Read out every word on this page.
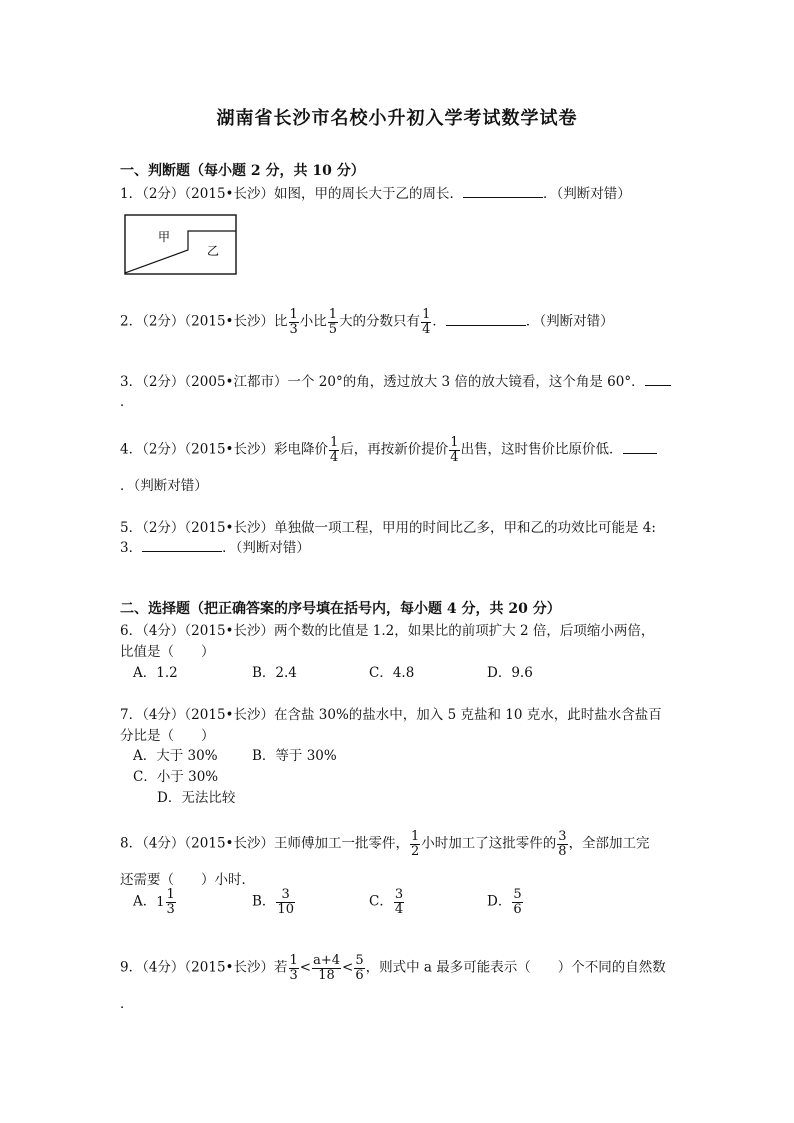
湖南省长沙市名校小升初入学考试数学试卷
一、判断题（每小题 2 分，共 10 分）
1．（2分）（2015•长沙）如图，甲的周长大于乙的周长．	．（判断对错）
甲
乙
2．（2分）（2015•长沙）比 $\frac{1}{3}$ 小比 $\frac{1}{5}$ 大的分数只有 $\frac{1}{4}$ ．	．（判断对错）
3．（2分）（2005•江都市）一个 20°的角，透过放大 3 倍的放大镜看，这个角是 60°．
．
4．（2分）（2015•长沙）彩电降价 $\frac{1}{4}$ 后，再按新价提价 $\frac{1}{4}$ 出售，这时售价比原价低．
．（判断对错）
5．（2分）（2015•长沙）单独做一项工程，甲用的时间比乙多，甲和乙的功效比可能是 4:
3．	．（判断对错）
二、选择题（把正确答案的序号填在括号内，每小题 4 分，共 20 分）
6．（4分）（2015•长沙）两个数的比值是 1.2，如果比的前项扩大 2 倍，后项缩小两倍，
比值是（　　）
A．1.2	B．2.4	C．4.8	D．9.6
7．（4分）（2015•长沙）在含盐 30%的盐水中，加入 5 克盐和 10 克水，此时盐水含盐百
分比是（　　）
A．大于 30%	B．等于 30%
C．小于 30%
D．无法比较
8．（4分）（2015•长沙）王师傅加工一批零件， $\frac{1}{2}$ 小时加工了这批零件的 $\frac{3}{8}$ ，全部加工完
还需要（　　）小时．
A．$1 \frac{1}{3}$	B． $\frac{3}{10}$	C． $\frac{3}{4}$	D． $\frac{5}{6}$
9．（4分）（2015•长沙）若 $\frac{1}{3} < \frac{a+4}{18} < \frac{5}{6}$ ，则式中 a 最多可能表示（　　）个不同的自然数
．
